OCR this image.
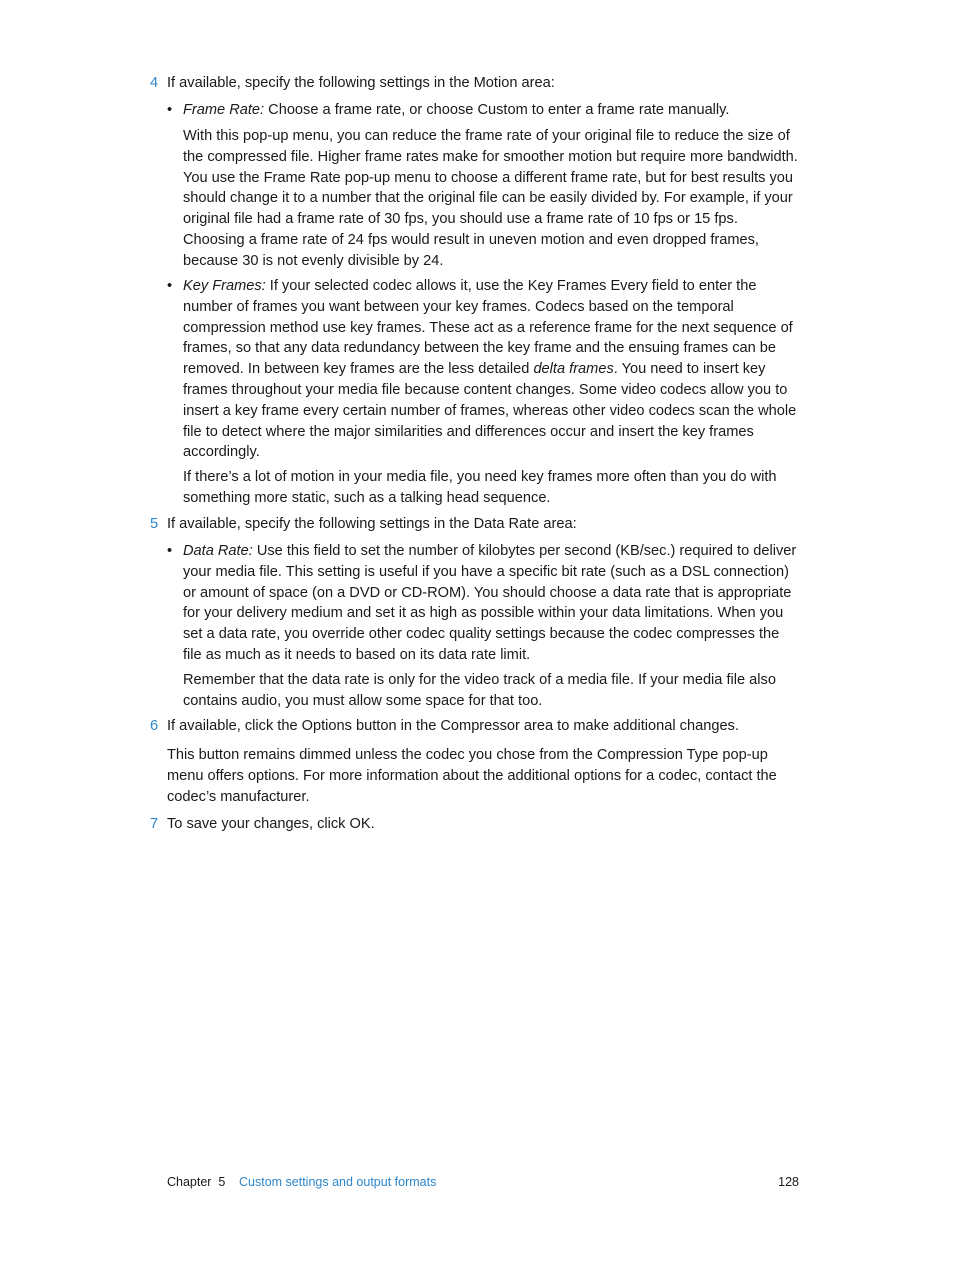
4 If available, specify the following settings in the Motion area:
• Frame Rate: Choose a frame rate, or choose Custom to enter a frame rate manually.

With this pop-up menu, you can reduce the frame rate of your original file to reduce the size of the compressed file. Higher frame rates make for smoother motion but require more bandwidth. You use the Frame Rate pop-up menu to choose a different frame rate, but for best results you should change it to a number that the original file can be easily divided by. For example, if your original file had a frame rate of 30 fps, you should use a frame rate of 10 fps or 15 fps. Choosing a frame rate of 24 fps would result in uneven motion and even dropped frames, because 30 is not evenly divisible by 24.

• Key Frames: If your selected codec allows it, use the Key Frames Every field to enter the number of frames you want between your key frames. Codecs based on the temporal compression method use key frames. These act as a reference frame for the next sequence of frames, so that any data redundancy between the key frame and the ensuing frames can be removed. In between key frames are the less detailed delta frames. You need to insert key frames throughout your media file because content changes. Some video codecs allow you to insert a key frame every certain number of frames, whereas other video codecs scan the whole file to detect where the major similarities and differences occur and insert the key frames accordingly.

If there’s a lot of motion in your media file, you need key frames more often than you do with something more static, such as a talking head sequence.

5 If available, specify the following settings in the Data Rate area:
• Data Rate: Use this field to set the number of kilobytes per second (KB/sec.) required to deliver your media file. This setting is useful if you have a specific bit rate (such as a DSL connection) or amount of space (on a DVD or CD-ROM). You should choose a data rate that is appropriate for your delivery medium and set it as high as possible within your data limitations. When you set a data rate, you override other codec quality settings because the codec compresses the file as much as it needs to based on its data rate limit.

Remember that the data rate is only for the video track of a media file. If your media file also contains audio, you must allow some space for that too.

6 If available, click the Options button in the Compressor area to make additional changes.

This button remains dimmed unless the codec you chose from the Compression Type pop-up menu offers options. For more information about the additional options for a codec, contact the codec’s manufacturer.

7 To save your changes, click OK.
Chapter  5 Custom settings and output formats	128
